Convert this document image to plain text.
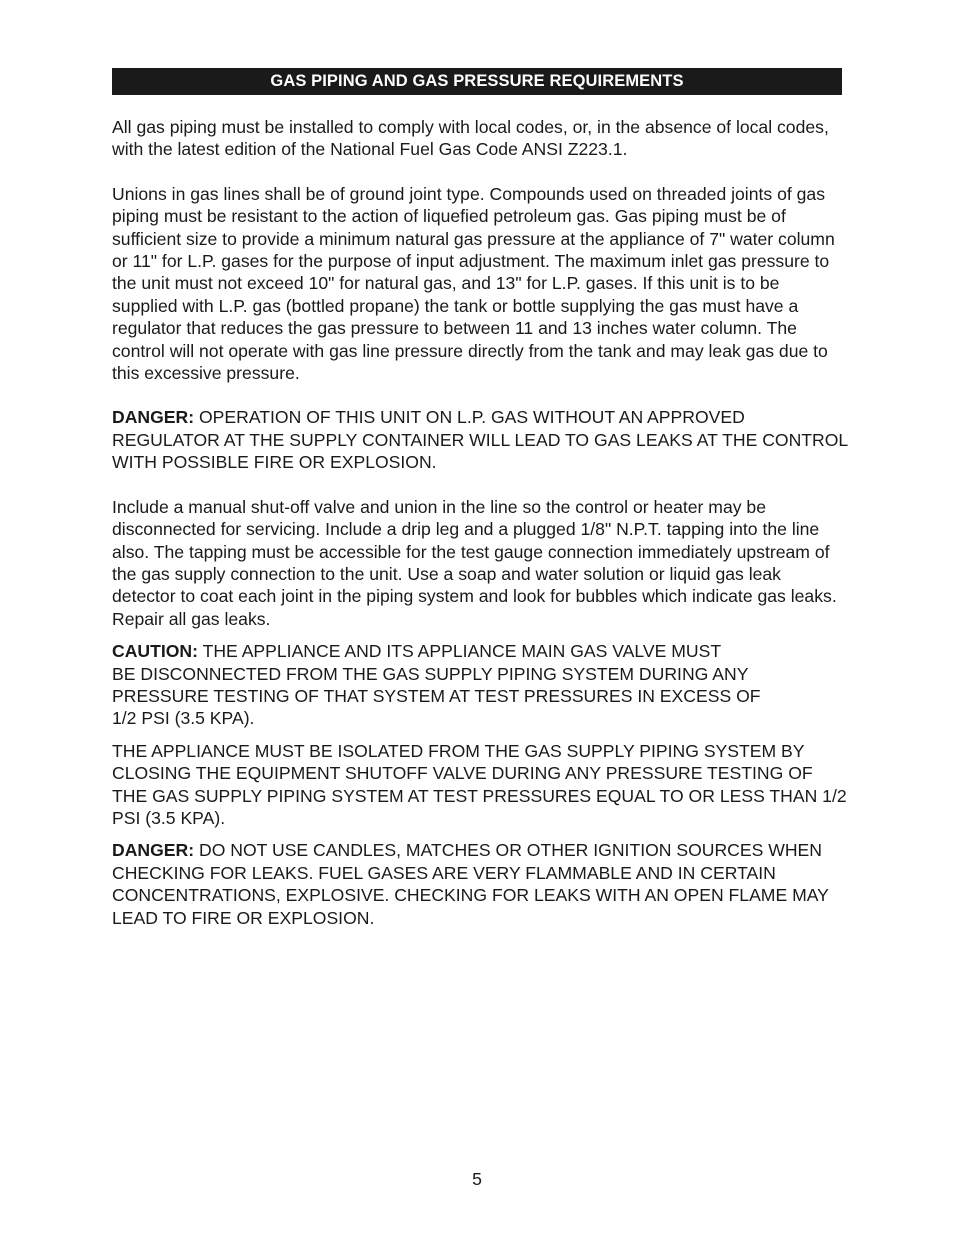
GAS PIPING AND GAS PRESSURE REQUIREMENTS

All gas piping must be installed to comply with local codes, or, in the absence of local codes, with the latest edition of the National Fuel Gas Code ANSI Z223.1.

Unions in gas lines shall be of ground joint type. Compounds used on threaded joints of gas piping must be resistant to the action of liquefied petroleum gas. Gas piping must be of sufficient size to provide a minimum natural gas pressure at the appliance of 7" water column or 11" for L.P. gases for the purpose of input adjustment. The maximum inlet gas pressure to the unit must not exceed 10" for natural gas, and 13" for L.P. gases. If this unit is to be supplied with L.P. gas (bottled propane) the tank or bottle supplying the gas must have a regulator that reduces the gas pressure to between 11 and 13 inches water column. The control will not operate with gas line pressure directly from the tank and may leak gas due to this excessive pressure.

DANGER: OPERATION OF THIS UNIT ON L.P. GAS WITHOUT AN APPROVED REGULATOR AT THE SUPPLY CONTAINER WILL LEAD TO GAS LEAKS AT THE CONTROL WITH POSSIBLE FIRE OR EXPLOSION.

Include a manual shut-off valve and union in the line so the control or heater may be disconnected for servicing. Include a drip leg and a plugged 1/8" N.P.T. tapping into the line also. The tapping must be accessible for the test gauge connection immediately upstream of the gas supply connection to the unit. Use a soap and water solution or liquid gas leak detector to coat each joint in the piping system and look for bubbles which indicate gas leaks. Repair all gas leaks.

CAUTION: THE APPLIANCE AND ITS APPLIANCE MAIN GAS VALVE MUST
BE DISCONNECTED FROM THE GAS SUPPLY PIPING SYSTEM DURING ANY
PRESSURE TESTING OF THAT SYSTEM AT TEST PRESSURES IN EXCESS OF
1/2 PSI (3.5 KPA).

THE APPLIANCE MUST BE ISOLATED FROM THE GAS SUPPLY PIPING SYSTEM BY CLOSING THE EQUIPMENT SHUTOFF VALVE DURING ANY PRESSURE TESTING OF THE GAS SUPPLY PIPING SYSTEM AT TEST PRESSURES EQUAL TO OR LESS THAN 1/2 PSI (3.5 KPA).

DANGER: DO NOT USE CANDLES, MATCHES OR OTHER IGNITION SOURCES WHEN CHECKING FOR LEAKS. FUEL GASES ARE VERY FLAMMABLE AND IN CERTAIN CONCENTRATIONS, EXPLOSIVE. CHECKING FOR LEAKS WITH AN OPEN FLAME MAY LEAD TO FIRE OR EXPLOSION.

5
